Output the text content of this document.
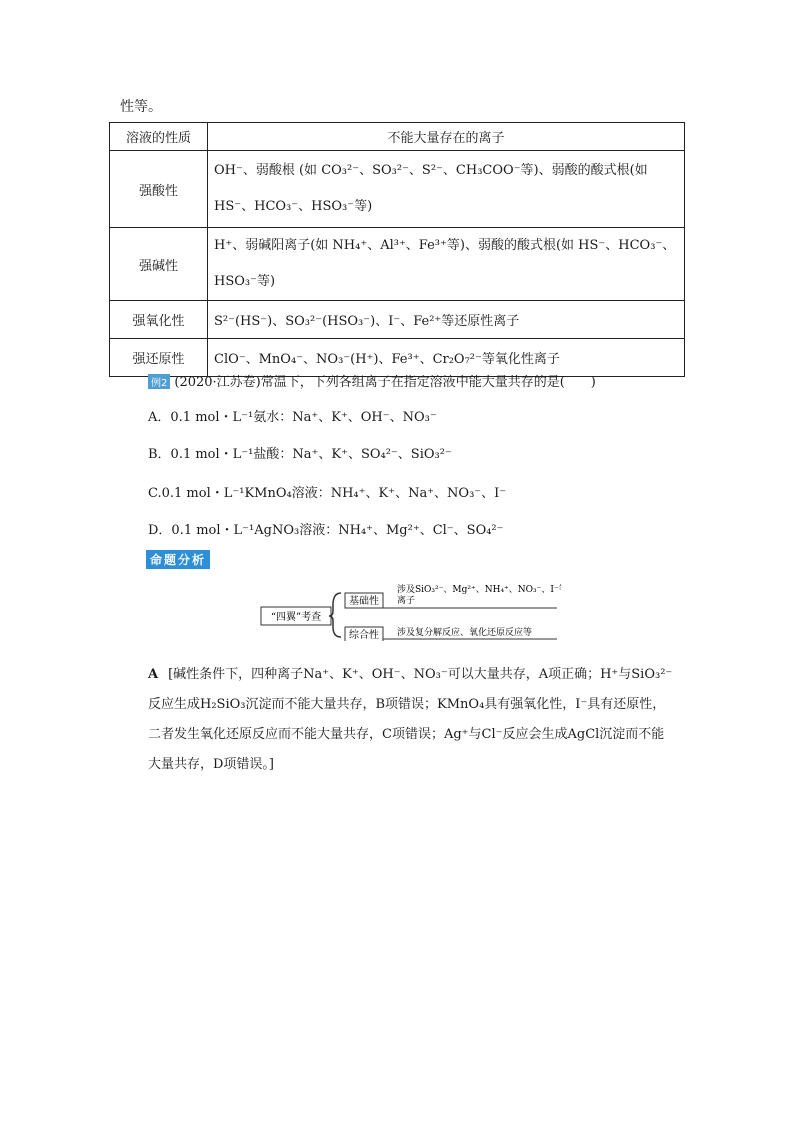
性等。
溶液的性质	不能大量存在的离子
强酸性	OH⁻、弱酸根 (如 CO₃²⁻、SO₃²⁻、S²⁻、CH₃COO⁻等)、弱酸的酸式根(如 HS⁻、HCO₃⁻、HSO₃⁻等)
强碱性	H⁺、弱碱阳离子(如 NH₄⁺、Al³⁺、Fe³⁺等)、弱酸的酸式根(如 HS⁻、HCO₃⁻、HSO₃⁻等)
强氧化性	S²⁻(HS⁻)、SO₃²⁻(HSO₃⁻)、I⁻、Fe²⁺等还原性离子
强还原性	ClO⁻、MnO₄⁻、NO₃⁻(H⁺)、Fe³⁺、Cr₂O₇²⁻等氧化性离子
例2 (2020·江苏卷)常温下，下列各组离子在指定溶液中能大量共存的是(　　)
A．0.1 mol・L⁻¹氨水：Na⁺、K⁺、OH⁻、NO₃⁻
B．0.1 mol・L⁻¹盐酸：Na⁺、K⁺、SO₄²⁻、SiO₃²⁻
C.0.1 mol・L⁻¹KMnO₄溶液：NH₄⁺、K⁺、Na⁺、NO₃⁻、I⁻
D．0.1 mol・L⁻¹AgNO₃溶液：NH₄⁺、Mg²⁺、Cl⁻、SO₄²⁻
命题分析
“四翼”考查
基础性
涉及SiO₃²⁻、Mg²⁺、NH₄⁺、NO₃⁻、I⁻等
离子
综合性 涉及复分解反应、氧化还原反应等
A [碱性条件下，四种离子Na⁺、K⁺、OH⁻、NO₃⁻可以大量共存，A项正确；H⁺与SiO₃²⁻反应生成H₂SiO₃沉淀而不能大量共存，B项错误；KMnO₄具有强氧化性，I⁻具有还原性，二者发生氧化还原反应而不能大量共存，C项错误；Ag⁺与Cl⁻反应会生成AgCl沉淀而不能大量共存，D项错误。]
